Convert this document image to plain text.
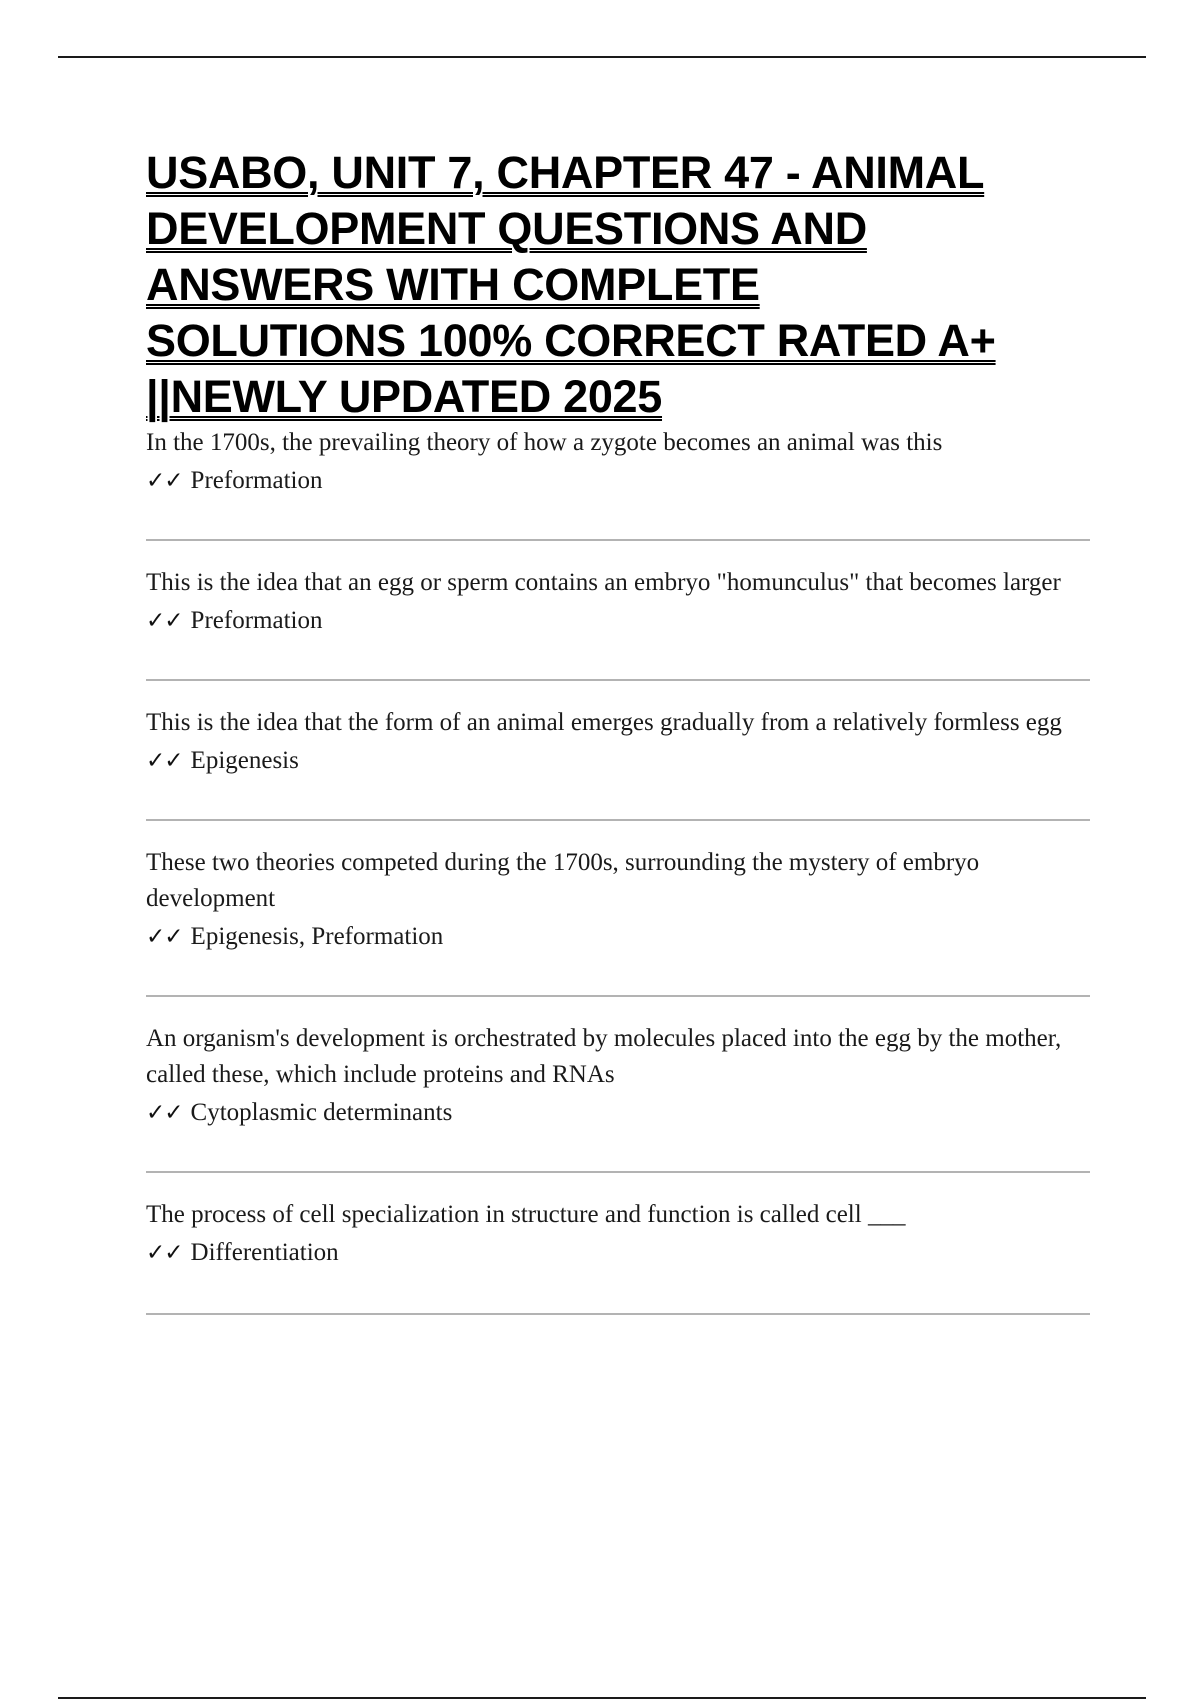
USABO, UNIT 7, CHAPTER 47 - ANIMAL
DEVELOPMENT QUESTIONS AND
ANSWERS WITH COMPLETE
SOLUTIONS 100% CORRECT RATED A+
||NEWLY UPDATED 2025

In the 1700s, the prevailing theory of how a zygote becomes an animal was this

✓✓ Preformation

This is the idea that an egg or sperm contains an embryo "homunculus" that becomes larger

✓✓ Preformation

This is the idea that the form of an animal emerges gradually from a relatively formless egg

✓✓ Epigenesis

These two theories competed during the 1700s, surrounding the mystery of embryo development

✓✓ Epigenesis, Preformation

An organism's development is orchestrated by molecules placed into the egg by the mother, called these, which include proteins and RNAs

✓✓ Cytoplasmic determinants

The process of cell specialization in structure and function is called cell ___

✓✓ Differentiation
